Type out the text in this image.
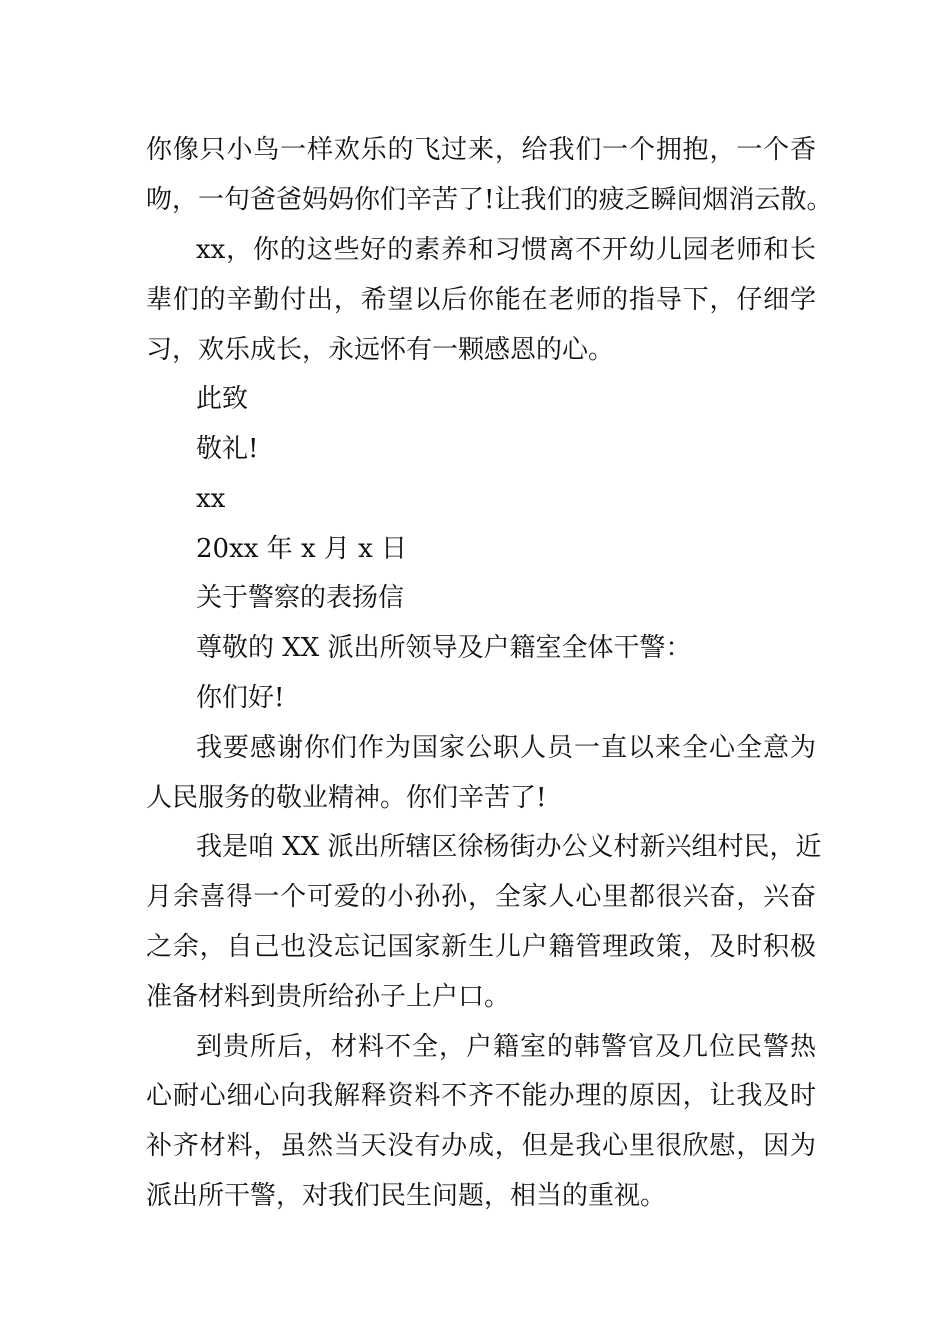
你像只小鸟一样欢乐的飞过来，给我们一个拥抱，一个香
吻，一句爸爸妈妈你们辛苦了!让我们的疲乏瞬间烟消云散。
xx，你的这些好的素养和习惯离不开幼儿园老师和长
辈们的辛勤付出，希望以后你能在老师的指导下，仔细学
习，欢乐成长，永远怀有一颗感恩的心。
此致
敬礼!
xx
20xx 年 x 月 x 日
关于警察的表扬信
尊敬的 XX 派出所领导及户籍室全体干警：
你们好!
我要感谢你们作为国家公职人员一直以来全心全意为
人民服务的敬业精神。你们辛苦了!
我是咱 XX 派出所辖区徐杨街办公义村新兴组村民，近
月余喜得一个可爱的小孙孙，全家人心里都很兴奋，兴奋
之余，自己也没忘记国家新生儿户籍管理政策，及时积极
准备材料到贵所给孙子上户口。
到贵所后，材料不全，户籍室的韩警官及几位民警热
心耐心细心向我解释资料不齐不能办理的原因，让我及时
补齐材料，虽然当天没有办成，但是我心里很欣慰，因为
派出所干警，对我们民生问题，相当的重视。
